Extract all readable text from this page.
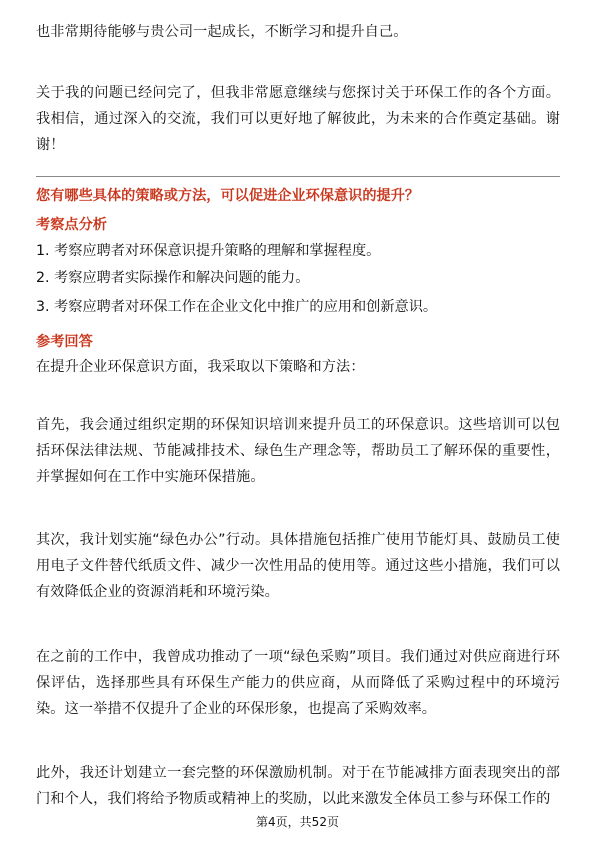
也非常期待能够与贵公司一起成长，不断学习和提升自己。

关于我的问题已经问完了，但我非常愿意继续与您探讨关于环保工作的各个方面。我相信，通过深入的交流，我们可以更好地了解彼此，为未来的合作奠定基础。谢谢！

您有哪些具体的策略或方法，可以促进企业环保意识的提升？

考察点分析

1. 考察应聘者对环保意识提升策略的理解和掌握程度。

2. 考察应聘者实际操作和解决问题的能力。

3. 考察应聘者对环保工作在企业文化中推广的应用和创新意识。

参考回答

在提升企业环保意识方面，我采取以下策略和方法：

首先，我会通过组织定期的环保知识培训来提升员工的环保意识。这些培训可以包括环保法律法规、节能减排技术、绿色生产理念等，帮助员工了解环保的重要性，并掌握如何在工作中实施环保措施。

其次，我计划实施“绿色办公”行动。具体措施包括推广使用节能灯具、鼓励员工使用电子文件替代纸质文件、减少一次性用品的使用等。通过这些小措施，我们可以有效降低企业的资源消耗和环境污染。

在之前的工作中，我曾成功推动了一项“绿色采购”项目。我们通过对供应商进行环保评估，选择那些具有环保生产能力的供应商，从而降低了采购过程中的环境污染。这一举措不仅提升了企业的环保形象，也提高了采购效率。

此外，我还计划建立一套完整的环保激励机制。对于在节能减排方面表现突出的部门和个人，我们将给予物质或精神上的奖励，以此来激发全体员工参与环保工作的

第4页，共52页
